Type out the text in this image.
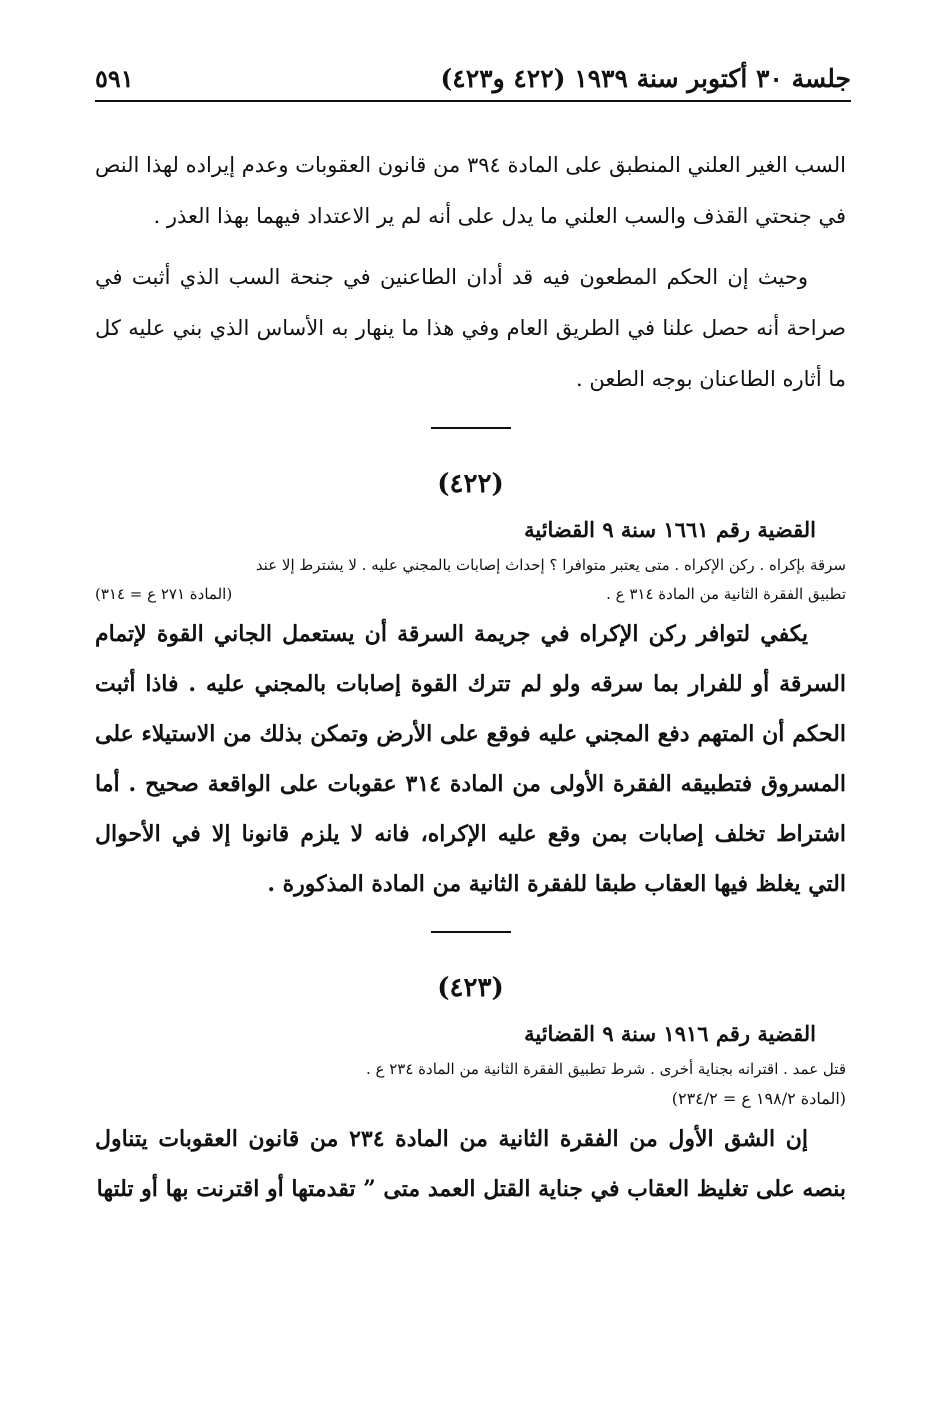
جلسة ٣٠ أكتوبر سنة ١٩٣٩ (٤٢٢ و٤٢٣)
٥٩١

السب الغير العلني المنطبق على المادة ٣٩٤ من قانون العقوبات وعدم إيراده لهذا النص في جنحتي القذف والسب العلني ما يدل على أنه لم ير الاعتداد فيهما بهذا العذر .

وحيث إن الحكم المطعون فيه قد أدان الطاعنين في جنحة السب الذي أثبت في صراحة أنه حصل علنا في الطريق العام وفي هذا ما ينهار به الأساس الذي بني عليه كل ما أثاره الطاعنان بوجه الطعن .

(٤٢٢)

القضية رقم ١٦٦١ سنة ٩ القضائية

سرقة بإكراه . ركن الإكراه . متى يعتبر متوافرا ؟ إحداث إصابات بالمجني عليه . لا يشترط إلا عند

تطبيق الفقرة الثانية من المادة ٣١٤ ع .
(المادة ٢٧١ ع = ٣١٤)

يكفي لتوافر ركن الإكراه في جريمة السرقة أن يستعمل الجاني القوة لإتمام السرقة أو للفرار بما سرقه ولو لم تترك القوة إصابات بالمجني عليه . فاذا أثبت الحكم أن المتهم دفع المجني عليه فوقع على الأرض وتمكن بذلك من الاستيلاء على المسروق فتطبيقه الفقرة الأولى من المادة ٣١٤ عقوبات على الواقعة صحيح . أما اشتراط تخلف إصابات بمن وقع عليه الإكراه، فانه لا يلزم قانونا إلا في الأحوال التي يغلظ فيها العقاب طبقا للفقرة الثانية من المادة المذكورة .

(٤٢٣)

القضية رقم ١٩١٦ سنة ٩ القضائية

قتل عمد . اقترانه بجناية أخرى . شرط تطبيق الفقرة الثانية من المادة ٢٣٤ ع .

(المادة ١٩٨/٢ ع = ٢٣٤/٢)

إن الشق الأول من الفقرة الثانية من المادة ٢٣٤ من قانون العقوبات يتناول بنصه على تغليظ العقاب في جناية القتل العمد متى ” تقدمتها أو اقترنت بها أو تلتها
